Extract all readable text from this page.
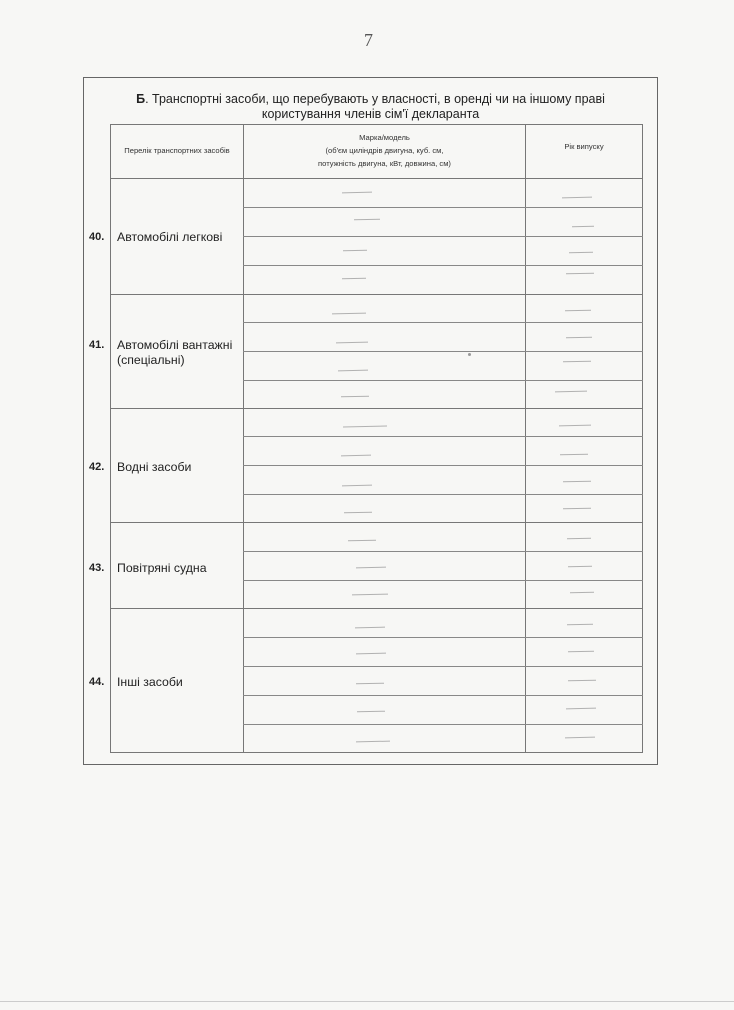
7
Б. Транспортні засоби, що перебувають у власності, в оренді чи на іншому праві
користування членів сім'ї декларанта
Перелік транспортних засобів
Марка/модель
(об'єм циліндрів двигуна, куб. см,
потужність двигуна, кВт, довжина, см)
Рік випуску
40. Автомобілі легкові
41. Автомобілі вантажні
(спеціальні)
42. Водні засоби
43. Повітряні судна
44. Інші засоби
